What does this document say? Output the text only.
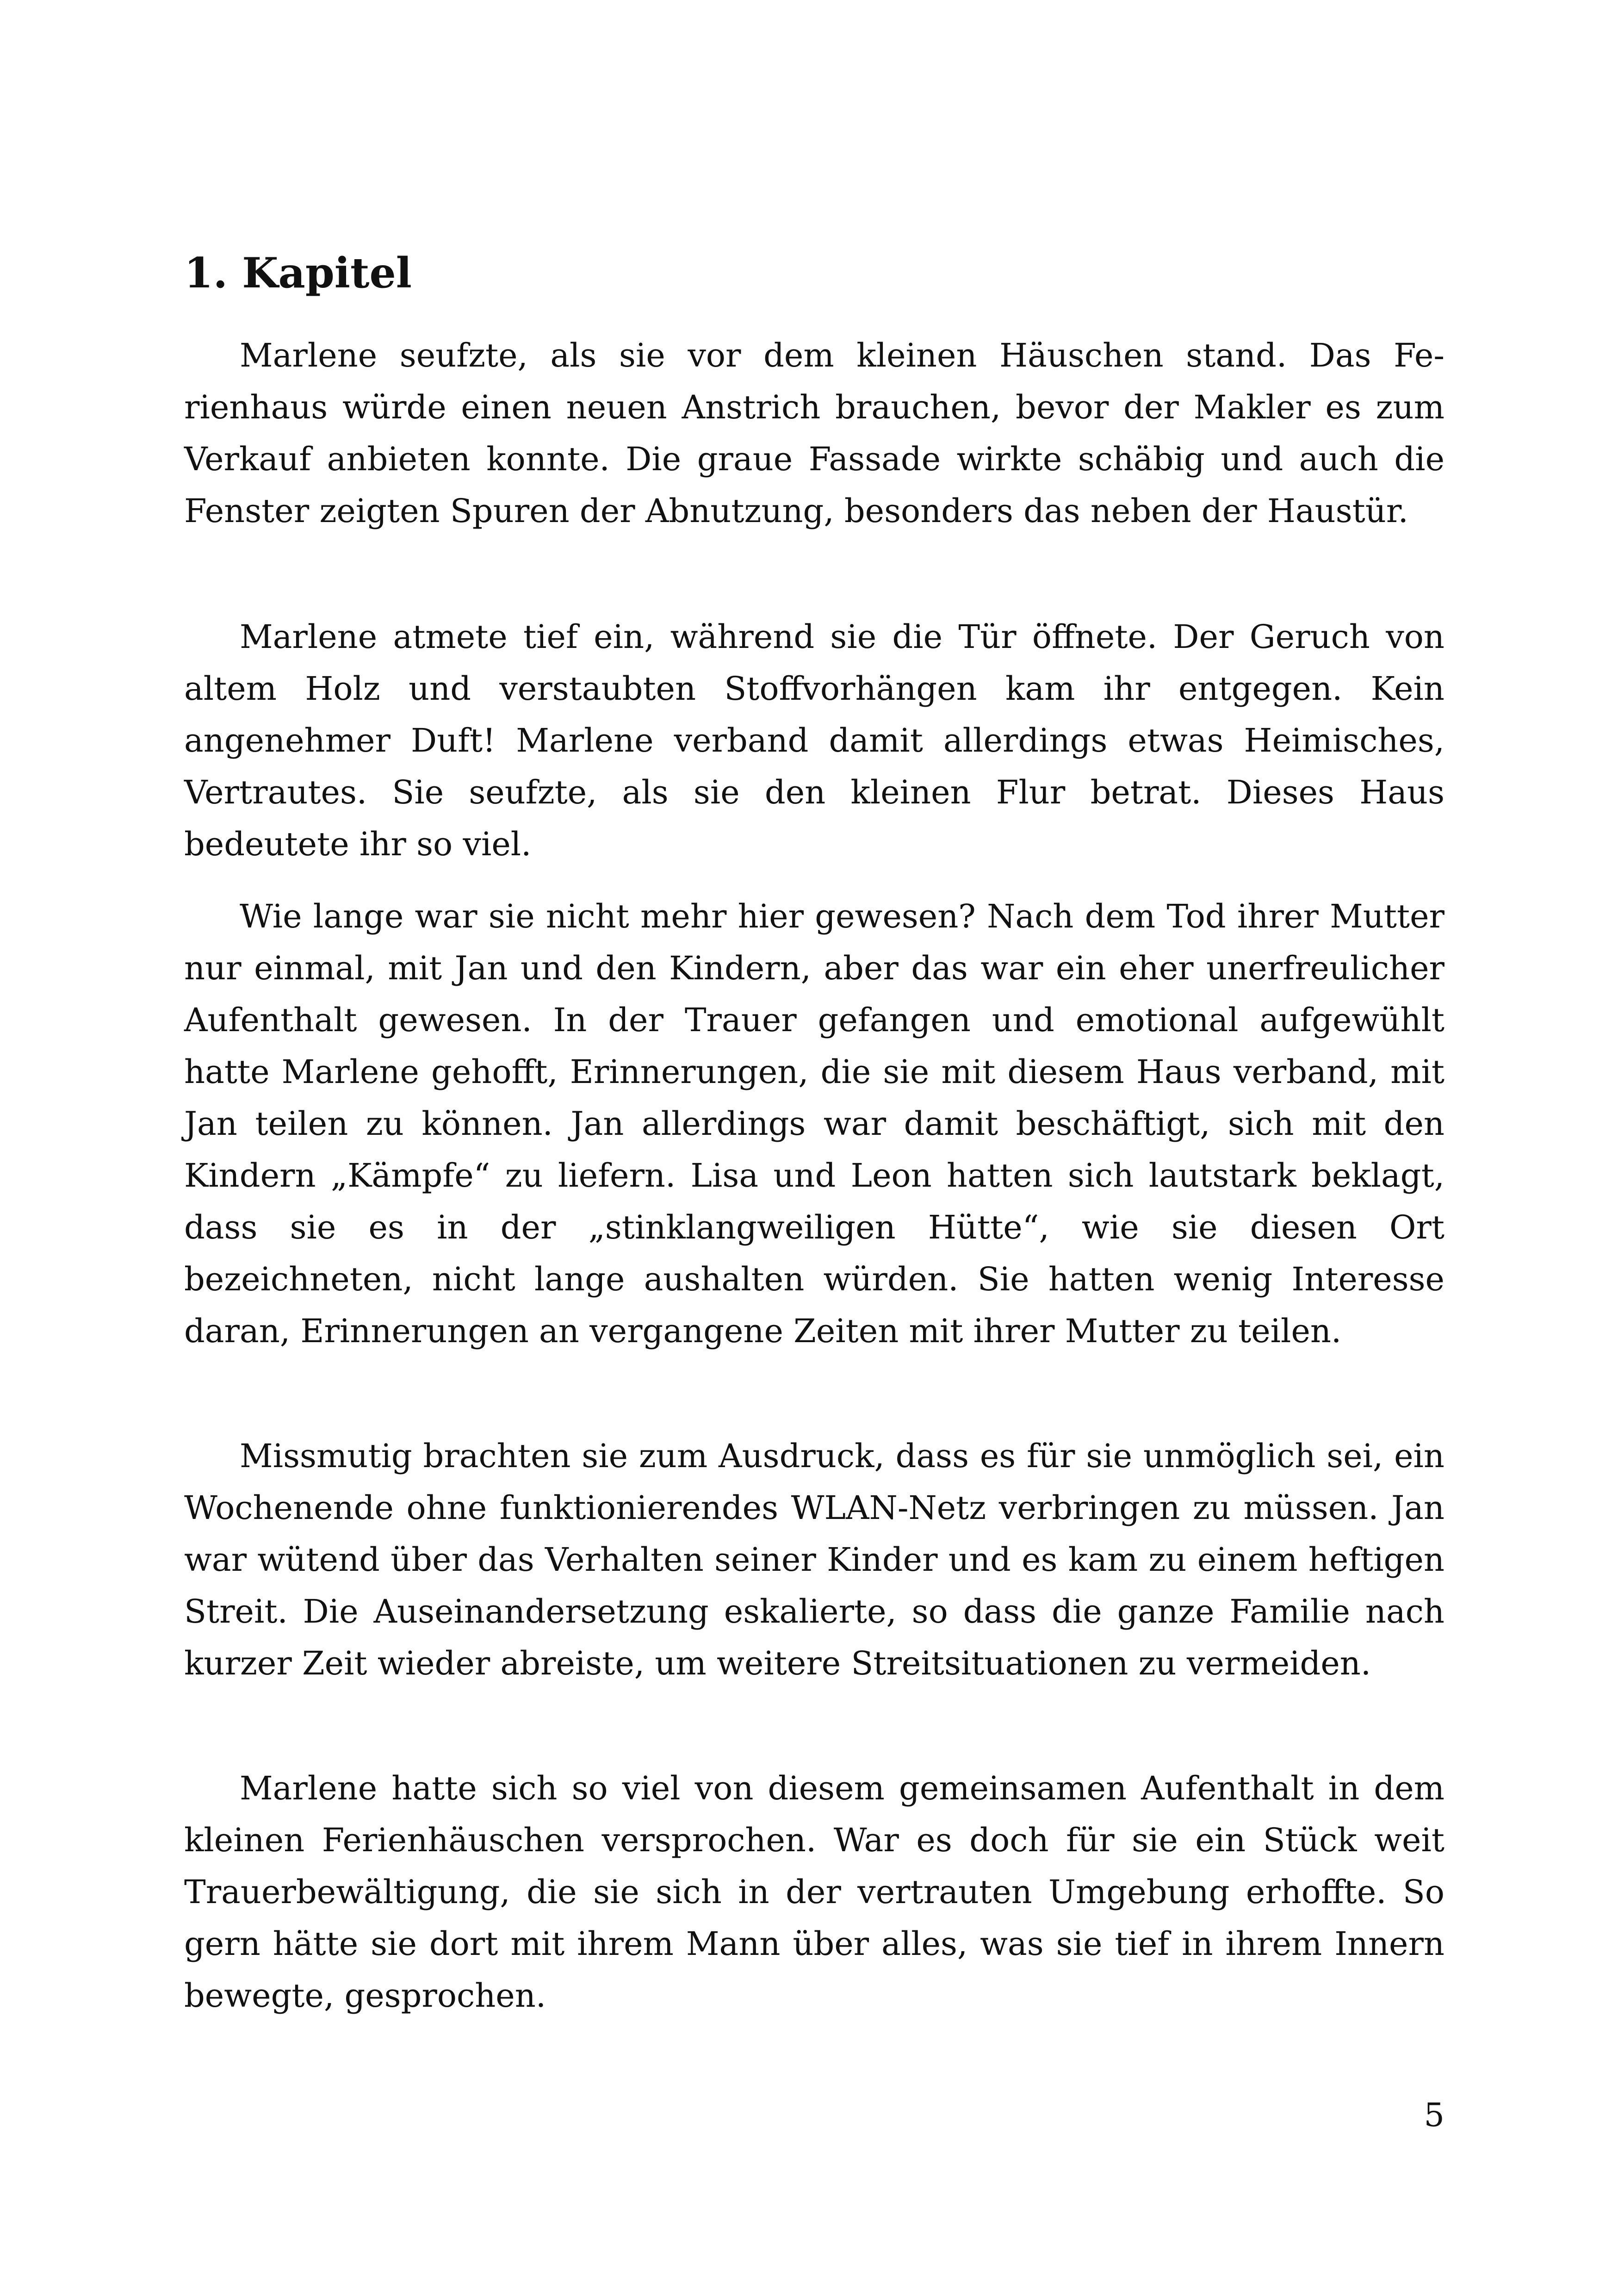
1. Kapitel

Marlene seufzte, als sie vor dem kleinen Häuschen stand. Das Ferienhaus würde einen neuen Anstrich brauchen, bevor der Makler es zum Verkauf anbieten konnte. Die graue Fassade wirkte schäbig und auch die Fenster zeigten Spuren der Abnutzung, besonders das neben der Haustür.

Marlene atmete tief ein, während sie die Tür öffnete. Der Geruch von altem Holz und verstaubten Stoffvorhängen kam ihr entgegen. Kein angenehmer Duft! Marlene verband damit allerdings etwas Heimisches, Vertrautes. Sie seufzte, als sie den kleinen Flur betrat. Dieses Haus bedeutete ihr so viel.

Wie lange war sie nicht mehr hier gewesen? Nach dem Tod ihrer Mutter nur einmal, mit Jan und den Kindern, aber das war ein eher unerfreulicher Aufenthalt gewesen. In der Trauer gefangen und emotional aufgewühlt hatte Marlene gehofft, Erinnerungen, die sie mit diesem Haus verband, mit Jan teilen zu können. Jan allerdings war damit beschäftigt, sich mit den Kindern „Kämpfe“ zu liefern. Lisa und Leon hatten sich lautstark beklagt, dass sie es in der „stinklangweiligen Hütte“, wie sie diesen Ort bezeichneten, nicht lange aushalten würden. Sie hatten wenig Interesse daran, Erinnerungen an vergangene Zeiten mit ihrer Mutter zu teilen.

Missmutig brachten sie zum Ausdruck, dass es für sie unmöglich sei, ein Wochenende ohne funktionierendes WLAN-Netz verbringen zu müssen. Jan war wütend über das Verhalten seiner Kinder und es kam zu einem heftigen Streit. Die Auseinandersetzung eskalierte, so dass die ganze Familie nach kurzer Zeit wieder abreiste, um weitere Streitsituationen zu vermeiden.

Marlene hatte sich so viel von diesem gemeinsamen Aufenthalt in dem kleinen Ferienhäuschen versprochen. War es doch für sie ein Stück weit Trauerbewältigung, die sie sich in der vertrauten Umgebung erhoffte. So gern hätte sie dort mit ihrem Mann über alles, was sie tief in ihrem Innern bewegte, gesprochen.

5
